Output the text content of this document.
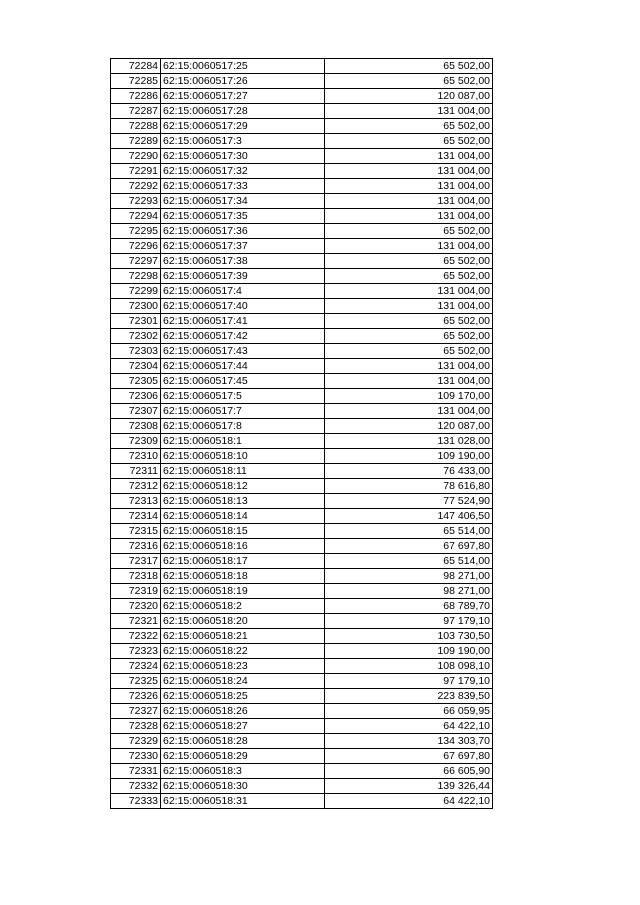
72284	62:15:0060517:25	65 502,00
72285	62:15:0060517:26	65 502,00
72286	62:15:0060517:27	120 087,00
72287	62:15:0060517:28	131 004,00
72288	62:15:0060517:29	65 502,00
72289	62:15:0060517:3	65 502,00
72290	62:15:0060517:30	131 004,00
72291	62:15:0060517:32	131 004,00
72292	62:15:0060517:33	131 004,00
72293	62:15:0060517:34	131 004,00
72294	62:15:0060517:35	131 004,00
72295	62:15:0060517:36	65 502,00
72296	62:15:0060517:37	131 004,00
72297	62:15:0060517:38	65 502,00
72298	62:15:0060517:39	65 502,00
72299	62:15:0060517:4	131 004,00
72300	62:15:0060517:40	131 004,00
72301	62:15:0060517:41	65 502,00
72302	62:15:0060517:42	65 502,00
72303	62:15:0060517:43	65 502,00
72304	62:15:0060517:44	131 004,00
72305	62:15:0060517:45	131 004,00
72306	62:15:0060517:5	109 170,00
72307	62:15:0060517:7	131 004,00
72308	62:15:0060517:8	120 087,00
72309	62:15:0060518:1	131 028,00
72310	62:15:0060518:10	109 190,00
72311	62:15:0060518:11	76 433,00
72312	62:15:0060518:12	78 616,80
72313	62:15:0060518:13	77 524,90
72314	62:15:0060518:14	147 406,50
72315	62:15:0060518:15	65 514,00
72316	62:15:0060518:16	67 697,80
72317	62:15:0060518:17	65 514,00
72318	62:15:0060518:18	98 271,00
72319	62:15:0060518:19	98 271,00
72320	62:15:0060518:2	68 789,70
72321	62:15:0060518:20	97 179,10
72322	62:15:0060518:21	103 730,50
72323	62:15:0060518:22	109 190,00
72324	62:15:0060518:23	108 098,10
72325	62:15:0060518:24	97 179,10
72326	62:15:0060518:25	223 839,50
72327	62:15:0060518:26	66 059,95
72328	62:15:0060518:27	64 422,10
72329	62:15:0060518:28	134 303,70
72330	62:15:0060518:29	67 697,80
72331	62:15:0060518:3	66 605,90
72332	62:15:0060518:30	139 326,44
72333	62:15:0060518:31	64 422,10
